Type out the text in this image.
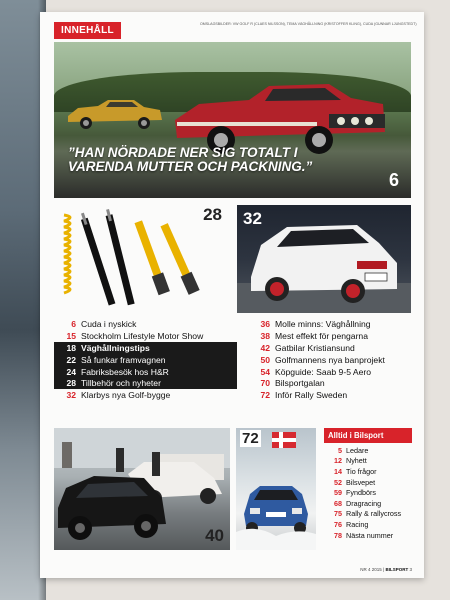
INNEHÅLL
OMSLAGSBILDER: VW GOLF R (CLAES NILSSON), TEMA VÄGHÅLLNING (KRISTOFFER KLING), CUDA (GUNNAR LJUNGSTEDT)
”HAN NÖRDADE NER SIG TOTALT I VARENDA MUTTER OCH PACKNING.”
6
28 32
6 Cuda i nyskick
15 Stockholm Lifestyle Motor Show
18 Väghållningstips
22 Så funkar framvagnen
24 Fabriksbesök hos H&R
28 Tillbehör och nyheter
32 Klarbys nya Golf-bygge
36 Molle minns: Väghållning
38 Mest effekt för pengarna
42 Gatbilar Kristiansund
50 Golfmannens nya banprojekt
54 Köpguide: Saab 9-5 Aero
70 Bilsportgalan
72 Inför Rally Sweden
40
72	Alltid i Bilsport
5 Ledare
12 Nyhett
14 Tio frågor
52 Bilsvepet
59 Fyndbörs
68 Dragracing
75 Rally & rallycross
76 Racing
78 Nästa nummer
NR 4 2015 | BILSPORT 3
